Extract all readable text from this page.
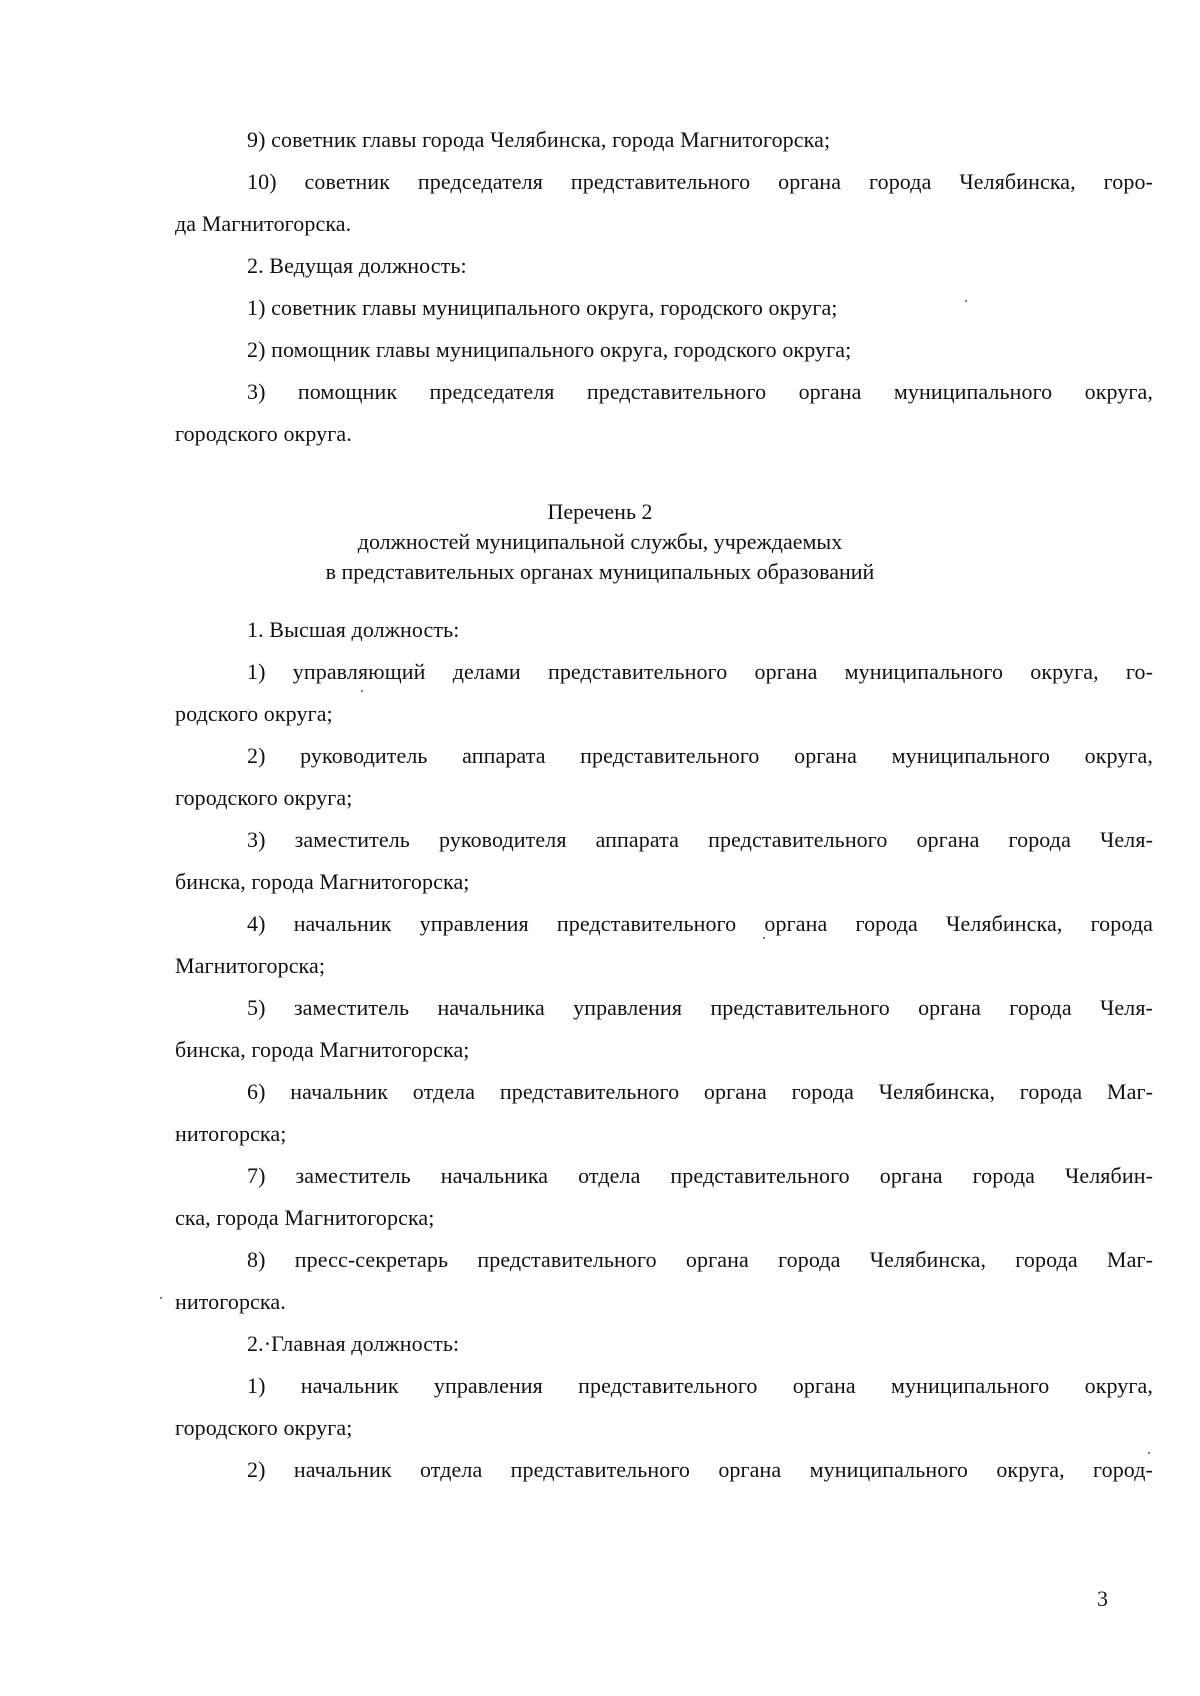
9) советник главы города Челябинска, города Магнитогорска;
10) советник председателя представительного органа города Челябинска, горо-
да Магнитогорска.
2. Ведущая должность:
1) советник главы муниципального округа, городского округа;
2) помощник главы муниципального округа, городского округа;
3) помощник председателя представительного органа муниципального округа,
городского округа.
Перечень 2
должностей муниципальной службы, учреждаемых
в представительных органах муниципальных образований
1. Высшая должность:
1) управляющий делами представительного органа муниципального округа, го-
родского округа;
2) руководитель аппарата представительного органа муниципального округа,
городского округа;
3) заместитель руководителя аппарата представительного органа города Челя-
бинска, города Магнитогорска;
4) начальник управления представительного органа города Челябинска, города
Магнитогорска;
5) заместитель начальника управления представительного органа города Челя-
бинска, города Магнитогорска;
6) начальник отдела представительного органа города Челябинска, города Маг-
нитогорска;
7) заместитель начальника отдела представительного органа города Челябин-
ска, города Магнитогорска;
8) пресс-секретарь представительного органа города Челябинска, города Маг-
нитогорска.
2.·Главная должность:
1) начальник управления представительного органа муниципального округа,
городского округа;
2) начальник отдела представительного органа муниципального округа, город-
3
